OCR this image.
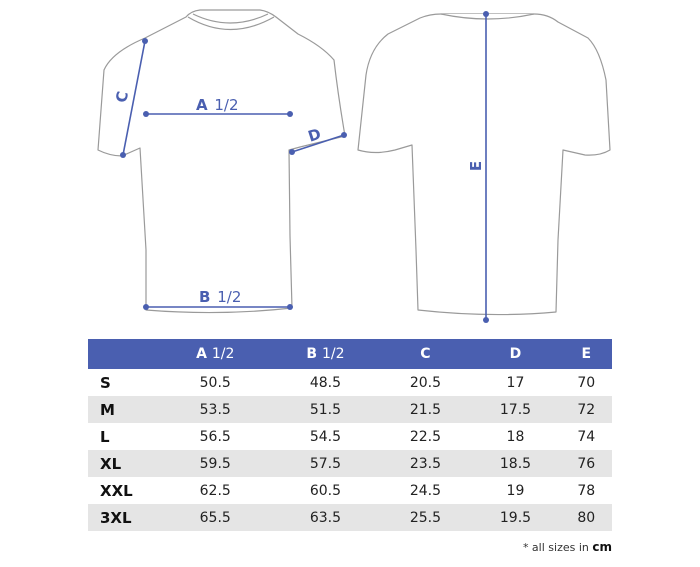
A 1/2
B 1/2
C
D
E
	A 1/2	B 1/2	C	D	E
S	50.5	48.5	20.5	17	70
M	53.5	51.5	21.5	17.5	72
L	56.5	54.5	22.5	18	74
XL	59.5	57.5	23.5	18.5	76
XXL	62.5	60.5	24.5	19	78
3XL	65.5	63.5	25.5	19.5	80
* all sizes in cm
